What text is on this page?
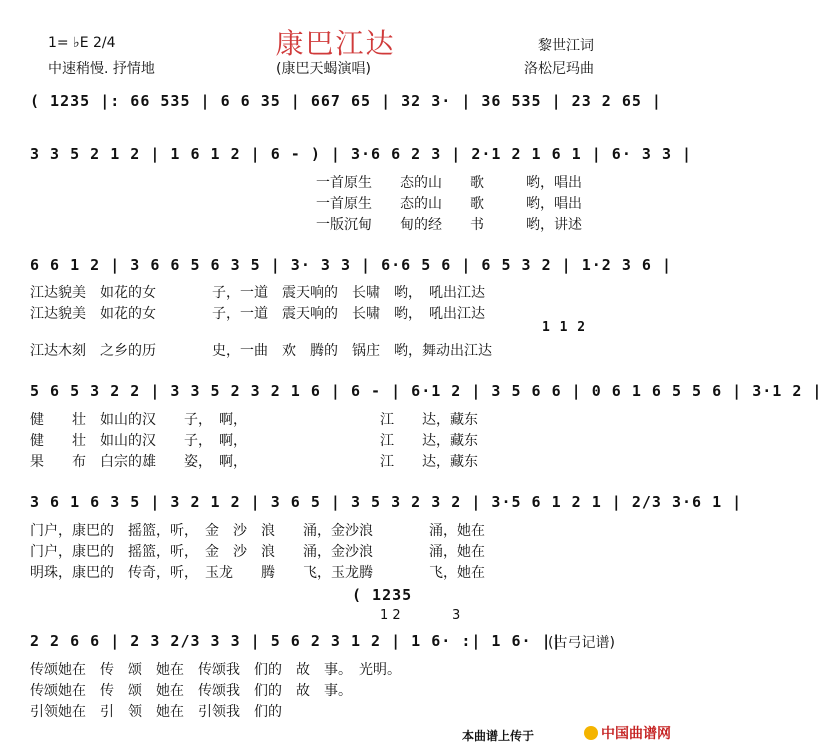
康巴江达
1= ♭E 2/4
中速稍慢. 抒情地	(康巴天蝎演唱)
黎世江词
洛松尼玛曲
( 1235 |: 66 535 | 6 6 35 | 667 65 | 32 3· | 36 535 | 23 2 65 |
3 3 5 2 1 2 | 1 6 1 2 | 6 - ) | 3·6 6 2 3 | 2·1 2 1 6 1 | 6· 3 3 |
一首原生　　态的山　　歌　　　哟，唱出
一首原生　　态的山　　歌　　　哟，唱出
一版沉甸　　甸的经　　书　　　哟，讲述
6 6 1 2 | 3 6 6 5 6 3 5 | 3· 3 3 | 6·6 5 6 | 6 5 3 2 | 1·2 3 6 |
江达貌美　如花的女　　　　子，一道　震天响的　长啸　哟，　吼出江达
江达貌美　如花的女　　　　子，一道　震天响的　长啸　哟，　吼出江达
1 1 2
江达木刻　之乡的历　　　　史，一曲　欢　腾的　锅庄　哟，舞动出江达
5 6 5 3 2 2 | 3 3 5 2 3 2 1 6 | 6 - | 6·1 2 | 3 5 6 6 | 0 6 1 6 5 5 6 | 3·1 2 |
健　　壮　如山的汉　　子，　啊，　　　　　　　　　　江　　达，藏东
健　　壮　如山的汉　　子，　啊，　　　　　　　　　　江　　达，藏东
果　　布　白宗的雄　　姿，　啊，　　　　　　　　　　江　　达，藏东
3 6 1 6 3 5 | 3 2 1 2 | 3 6 5 | 3 5 3 2 3 2 | 3·5 6 1 2 1 | 2/3 3·6 1 |
门户，康巴的　摇篮，听，　金　沙　浪　　涌，金沙浪　　　　涌，她在
门户，康巴的　摇篮，听，　金　沙　浪　　涌，金沙浪　　　　涌，她在
明珠，康巴的　传奇，听，　玉龙　　腾　　飞，玉龙腾　　　　飞，她在
( 1235
1 2	3
2 2 6 6 | 2 3 2/3 3 3 | 5 6 2 3 1 2 | 1 6· :| 1 6· ||
(古弓记谱)
传颂她在　传　颂　她在　传颂我　们的　故　事。　光明。
传颂她在　传　颂　她在　传颂我　们的　故　事。
引领她在　引　领　她在　引领我　们的
本曲谱上传于	中国曲谱网
